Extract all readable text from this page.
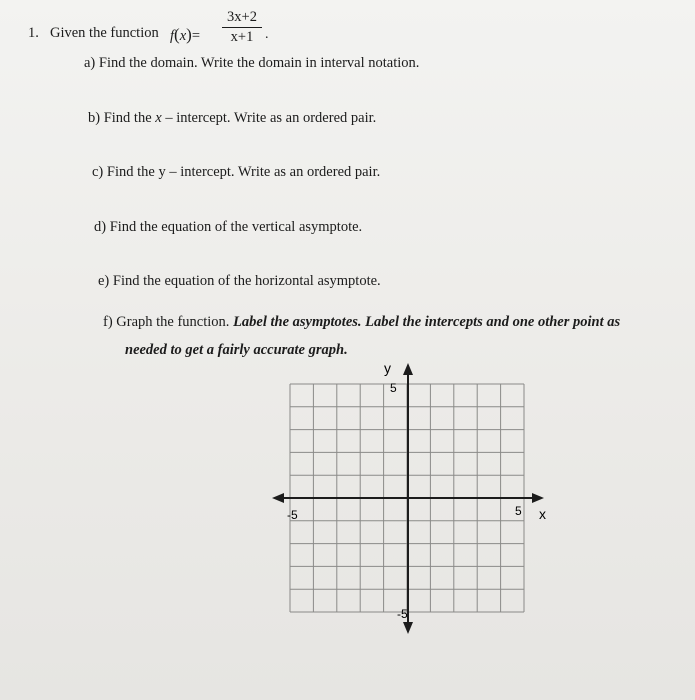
1. Given the function $f(x)= \frac{3x+2}{x+1}$ .
a) Find the domain. Write the domain in interval notation.
b) Find the x – intercept. Write as an ordered pair.
c) Find the y – intercept. Write as an ordered pair.
d) Find the equation of the vertical asymptote.
e) Find the equation of the horizontal asymptote.
f) Graph the function. Label the asymptotes. Label the intercepts and one other point as
needed to get a fairly accurate graph.
y
x
5
-5
-5	5
